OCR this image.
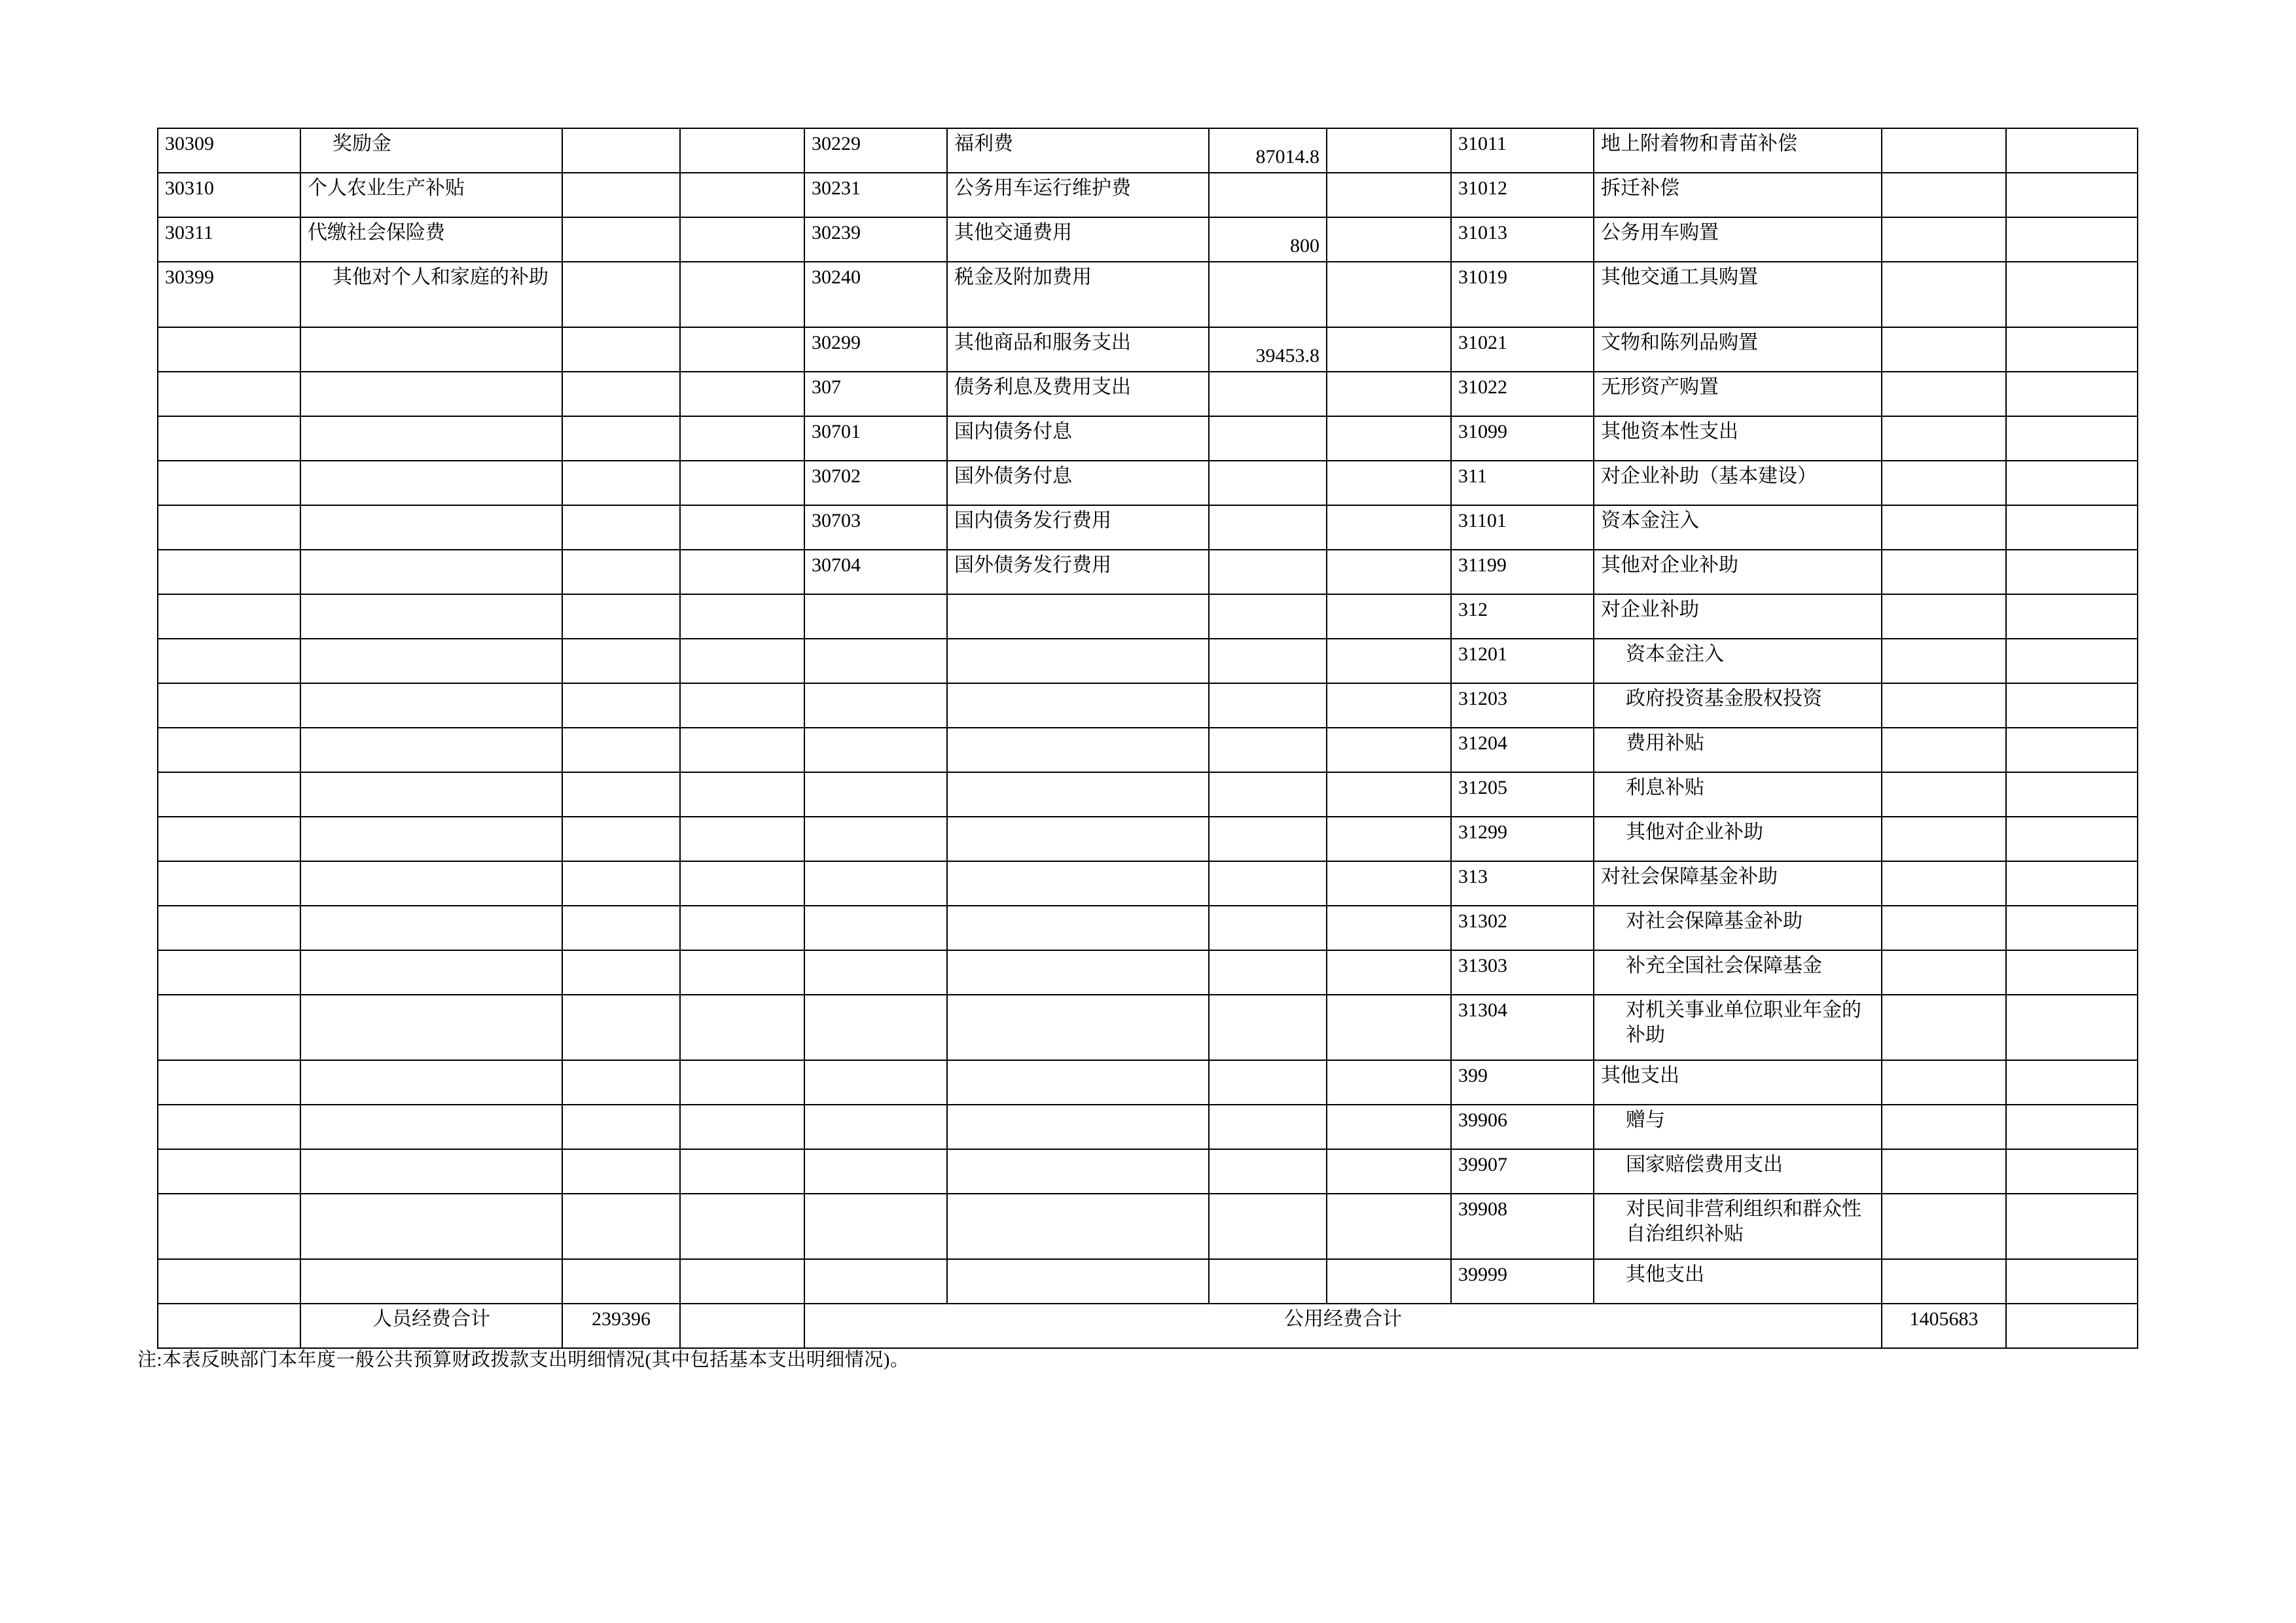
30309	奖励金			30229	福利费	87014.8		31011	地上附着物和青苗补偿		
30310	个人农业生产补贴			30231	公务用车运行维护费			31012	拆迁补偿		
30311	代缴社会保险费			30239	其他交通费用	800		31013	公务用车购置		
30399	其他对个人和家庭的补助			30240	税金及附加费用			31019	其他交通工具购置		
				30299	其他商品和服务支出	39453.8		31021	文物和陈列品购置		
				307	债务利息及费用支出			31022	无形资产购置		
				30701	国内债务付息			31099	其他资本性支出		
				30702	国外债务付息			311	对企业补助（基本建设）		
				30703	国内债务发行费用			31101	资本金注入		
				30704	国外债务发行费用			31199	其他对企业补助		
								312	对企业补助		
								31201	资本金注入		
								31203	政府投资基金股权投资		
								31204	费用补贴		
								31205	利息补贴		
								31299	其他对企业补助		
								313	对社会保障基金补助		
								31302	对社会保障基金补助		
								31303	补充全国社会保障基金		
								31304	对机关事业单位职业年金的补助		
								399	其他支出		
								39906	赠与		
								39907	国家赔偿费用支出		
								39908	对民间非营利组织和群众性自治组织补贴		
								39999	其他支出		
	人员经费合计	239396		公用经费合计						1405683	
注:本表反映部门本年度一般公共预算财政拨款支出明细情况(其中包括基本支出明细情况)。
